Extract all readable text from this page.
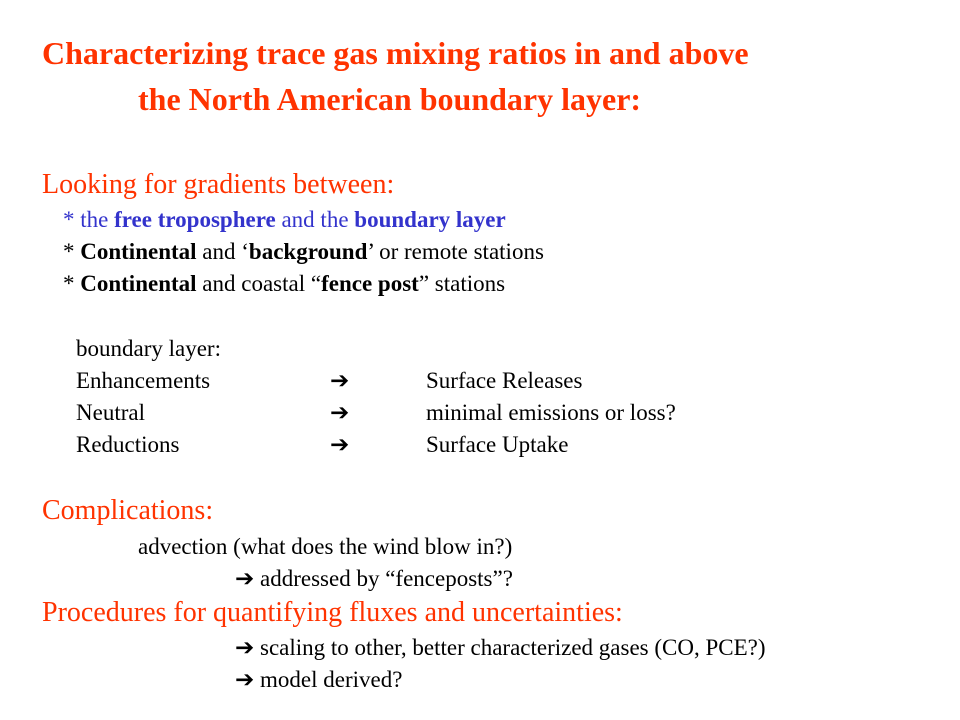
Characterizing trace gas mixing ratios in and above
the North American boundary layer:
Looking for gradients between:
* the free troposphere and the boundary layer
* Continental and ‘background’ or remote stations
* Continental and coastal “fence post” stations
boundary layer:
Enhancements	➔	Surface Releases
Neutral	➔	minimal emissions or loss?
Reductions	➔	Surface Uptake
Complications:
advection (what does the wind blow in?)
➔ addressed by “fenceposts”?
Procedures for quantifying fluxes and uncertainties:
➔ scaling to other, better characterized gases (CO, PCE?)
➔ model derived?
